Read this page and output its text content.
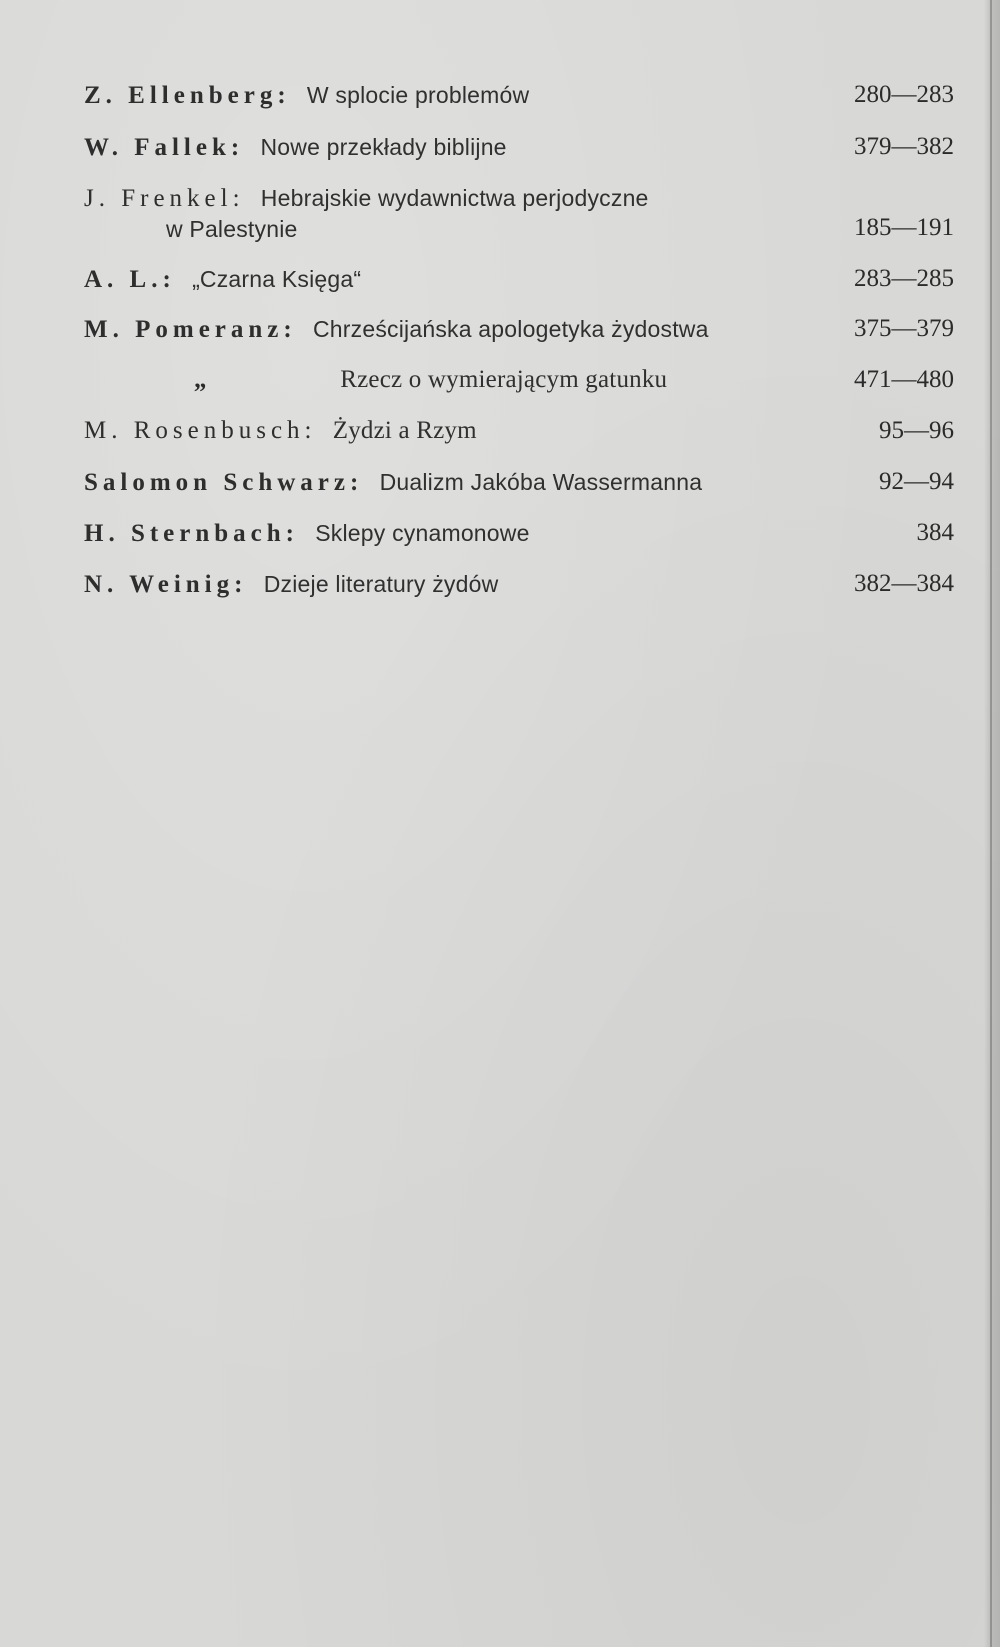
Z. Ellenberg: W splocie problemów	280—283
W. Fallek: Nowe przekłady biblijne	379—382
J. Frenkel: Hebrajskie wydawnictwa perjodyczne
w Palestynie	185—191
A. L.: „Czarna Księga“	283—285
M. Pomeranz: Chrześcijańska apologetyka żydostwa	375—379
„	Rzecz o wymierającym gatunku	471—480
M. Rosenbusch: Żydzi a Rzym	95—96
Salomon Schwarz: Dualizm Jakóba Wassermanna	92—94
H. Sternbach: Sklepy cynamonowe	384
N. Weinig: Dzieje literatury żydów	382—384
